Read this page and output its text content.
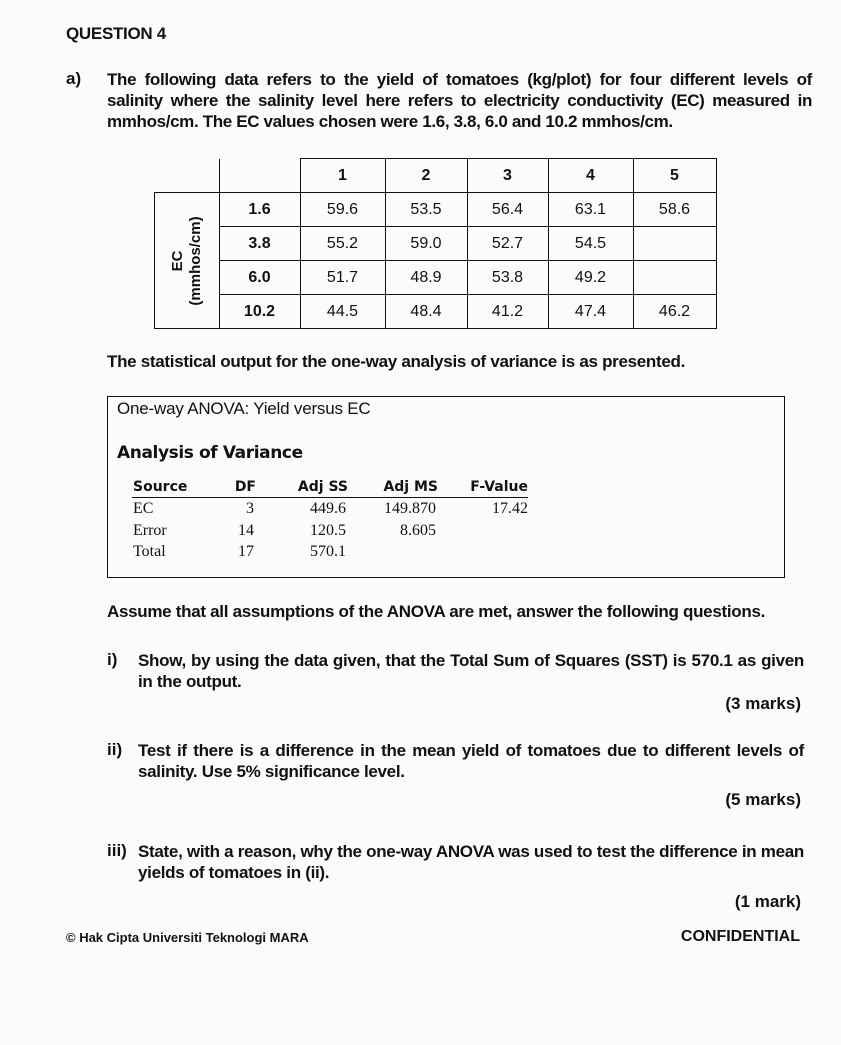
QUESTION 4
a) The following data refers to the yield of tomatoes (kg/plot) for four different levels of salinity where the salinity level here refers to electricity conductivity (EC) measured in mmhos/cm. The EC values chosen were 1.6, 3.8, 6.0 and 10.2 mmhos/cm.
		1	2	3	4	5

EC
(mmhos/cm)	1.6	59.6	53.5	56.4	63.1	58.6
	3.8	55.2	59.0	52.7	54.5	
	6.0	51.7	48.9	53.8	49.2	
	10.2	44.5	48.4	41.2	47.4	46.2
The statistical output for the one-way analysis of variance is as presented.
One-way ANOVA: Yield versus EC
Analysis of Variance
Source	DF	Adj SS	Adj MS	F-Value
EC	3	449.6	149.870	17.42
Error	14	120.5	8.605
Total	17	570.1
Assume that all assumptions of the ANOVA are met, answer the following questions.
i) Show, by using the data given, that the Total Sum of Squares (SST) is 570.1 as given in the output.
(3 marks)
ii) Test if there is a difference in the mean yield of tomatoes due to different levels of salinity. Use 5% significance level.
(5 marks)
iii) State, with a reason, why the one-way ANOVA was used to test the difference in mean yields of tomatoes in (ii).
(1 mark)
© Hak Cipta Universiti Teknologi MARA	CONFIDENTIAL
